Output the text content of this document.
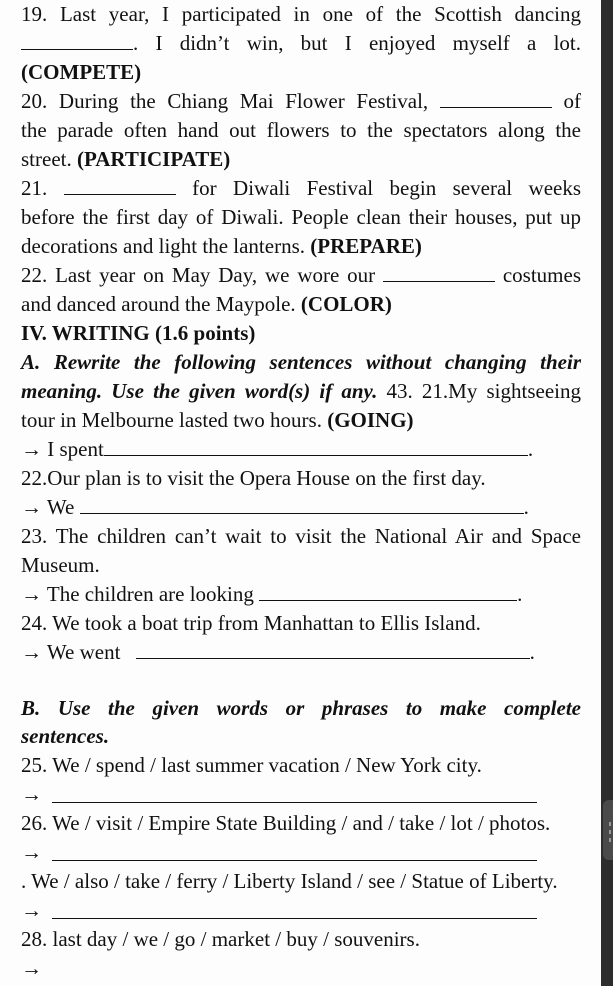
19. Last year, I participated in one of the Scottish dancing
. I didn’t win, but I enjoyed myself a lot.
(COMPETE)
20. During the Chiang Mai Flower Festival,	of
the parade often hand out flowers to the spectators along the
street. (PARTICIPATE)
21.	for Diwali Festival begin several weeks
before the first day of Diwali. People clean their houses, put up
decorations and light the lanterns. (PREPARE)
22. Last year on May Day, we wore our	costumes
and danced around the Maypole. (COLOR)
IV. WRITING (1.6 points)
A. Rewrite the following sentences without changing their
meaning. Use the given word(s) if any. 43. 21.My sightseeing
tour in Melbourne lasted two hours. (GOING)
→ I spent	.
22.Our plan is to visit the Opera House on the first day.
→ We	.
23. The children can’t wait to visit the National Air and Space
Museum.
→ The children are looking	.
24. We took a boat trip from Manhattan to Ellis Island.
→ We went	.
B. Use the given words or phrases to make complete
sentences.
25. We / spend / last summer vacation / New York city.
→
26. We / visit / Empire State Building / and / take / lot / photos.
→
. We / also / take / ferry / Liberty Island / see / Statue of Liberty.
→
28. last day / we / go / market / buy / souvenirs.
→
